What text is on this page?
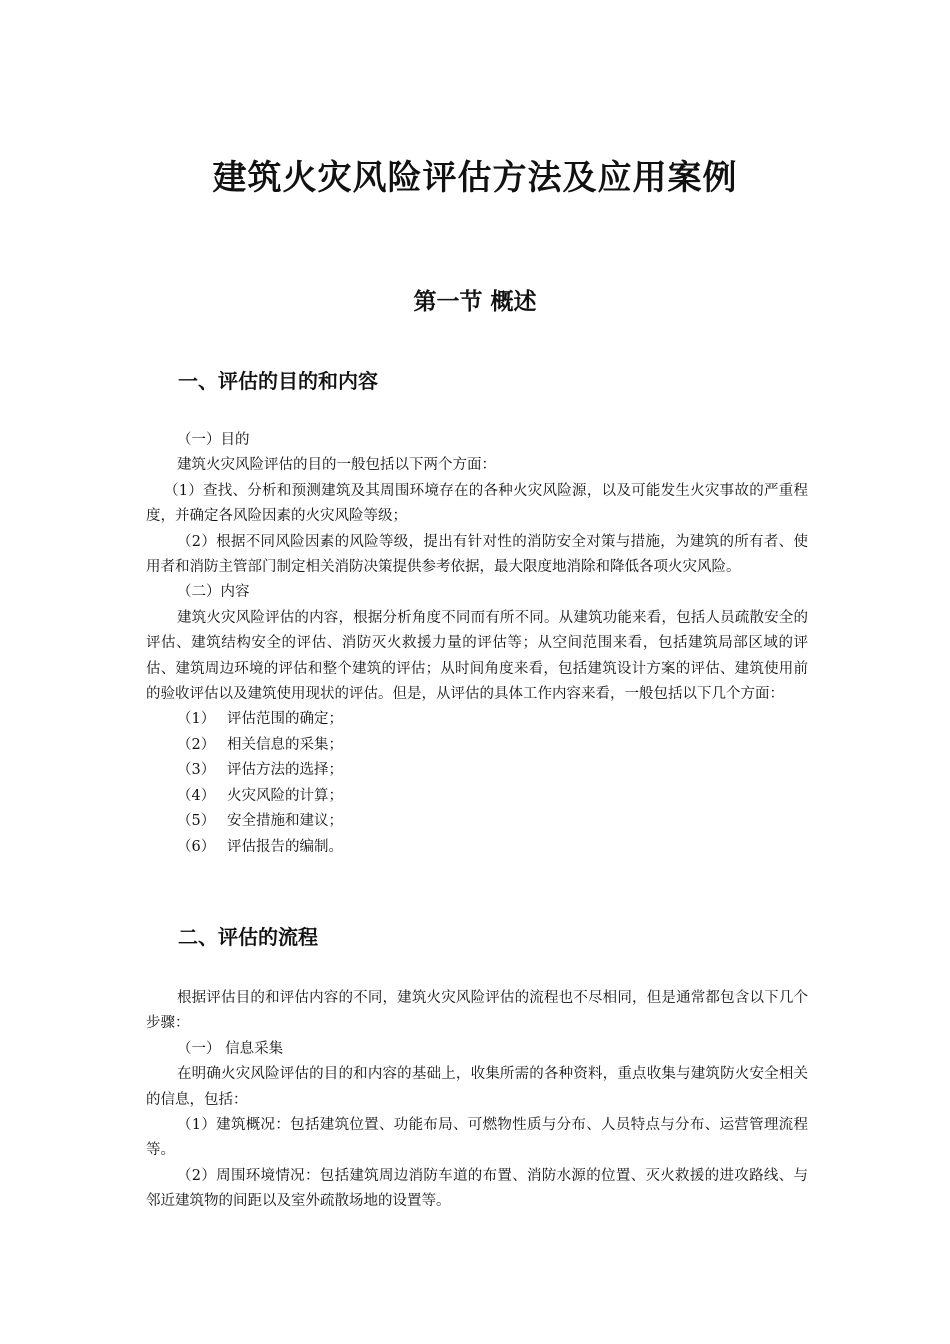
建筑火灾风险评估方法及应用案例
第一节 概述
一、评估的目的和内容

（一）目的

建筑火灾风险评估的目的一般包括以下两个方面：

（1）查找、分析和预测建筑及其周围环境存在的各种火灾风险源，以及可能发生火灾事故的严重程度，并确定各风险因素的火灾风险等级；

（2）根据不同风险因素的风险等级，提出有针对性的消防安全对策与措施，为建筑的所有者、使用者和消防主管部门制定相关消防决策提供参考依据，最大限度地消除和降低各项火灾风险。

（二）内容

建筑火灾风险评估的内容，根据分析角度不同而有所不同。从建筑功能来看，包括人员疏散安全的评估、建筑结构安全的评估、消防灭火救援力量的评估等；从空间范围来看，包括建筑局部区域的评估、建筑周边环境的评估和整个建筑的评估；从时间角度来看，包括建筑设计方案的评估、建筑使用前的验收评估以及建筑使用现状的评估。但是，从评估的具体工作内容来看，一般包括以下几个方面：

（1） 评估范围的确定；
（2） 相关信息的采集；
（3） 评估方法的选择；
（4） 火灾风险的计算；
（5） 安全措施和建议；
（6） 评估报告的编制。
二、评估的流程

根据评估目的和评估内容的不同，建筑火灾风险评估的流程也不尽相同，但是通常都包含以下几个步骤：

（一） 信息采集

在明确火灾风险评估的目的和内容的基础上，收集所需的各种资料，重点收集与建筑防火安全相关的信息，包括：

（1）建筑概况：包括建筑位置、功能布局、可燃物性质与分布、人员特点与分布、运营管理流程等。

（2）周围环境情况：包括建筑周边消防车道的布置、消防水源的位置、灭火救援的进攻路线、与邻近建筑物的间距以及室外疏散场地的设置等。
